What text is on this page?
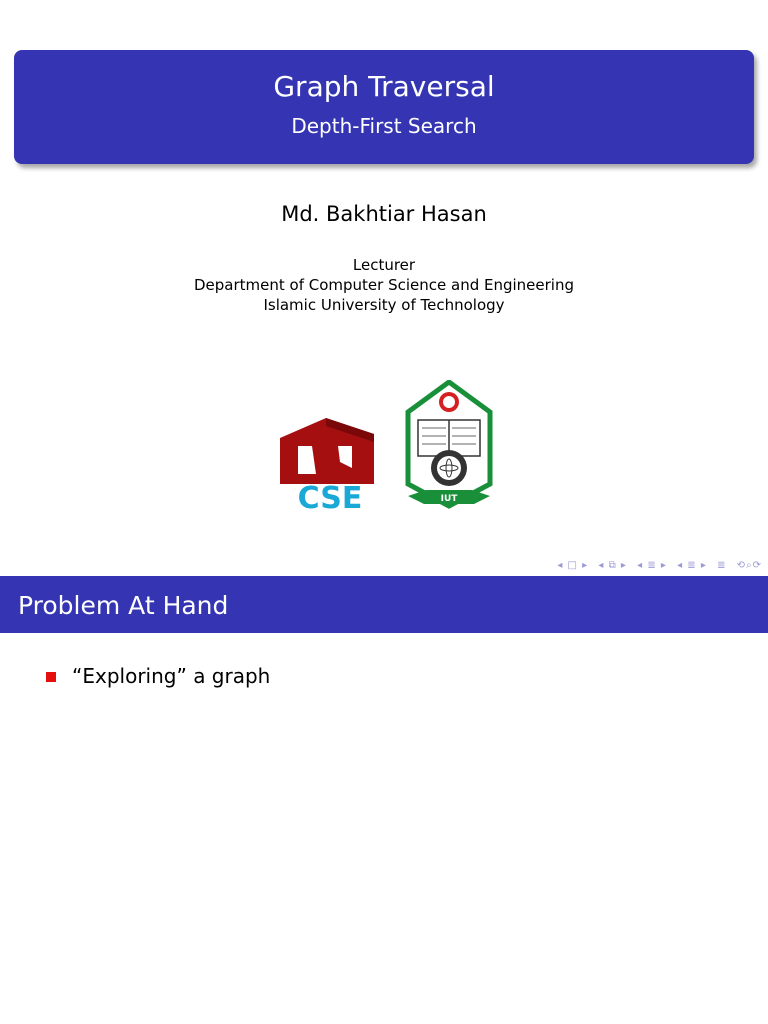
Graph Traversal
Depth-First Search
Md. Bakhtiar Hasan
Lecturer
Department of Computer Science and Engineering
Islamic University of Technology
CSE	IUT
◂ □ ▸ ◂ ⧉ ▸ ◂ ≣ ▸ ◂ ≣ ▸ ≣ ⟲⌕⟳
Problem At Hand
“Exploring” a graph
